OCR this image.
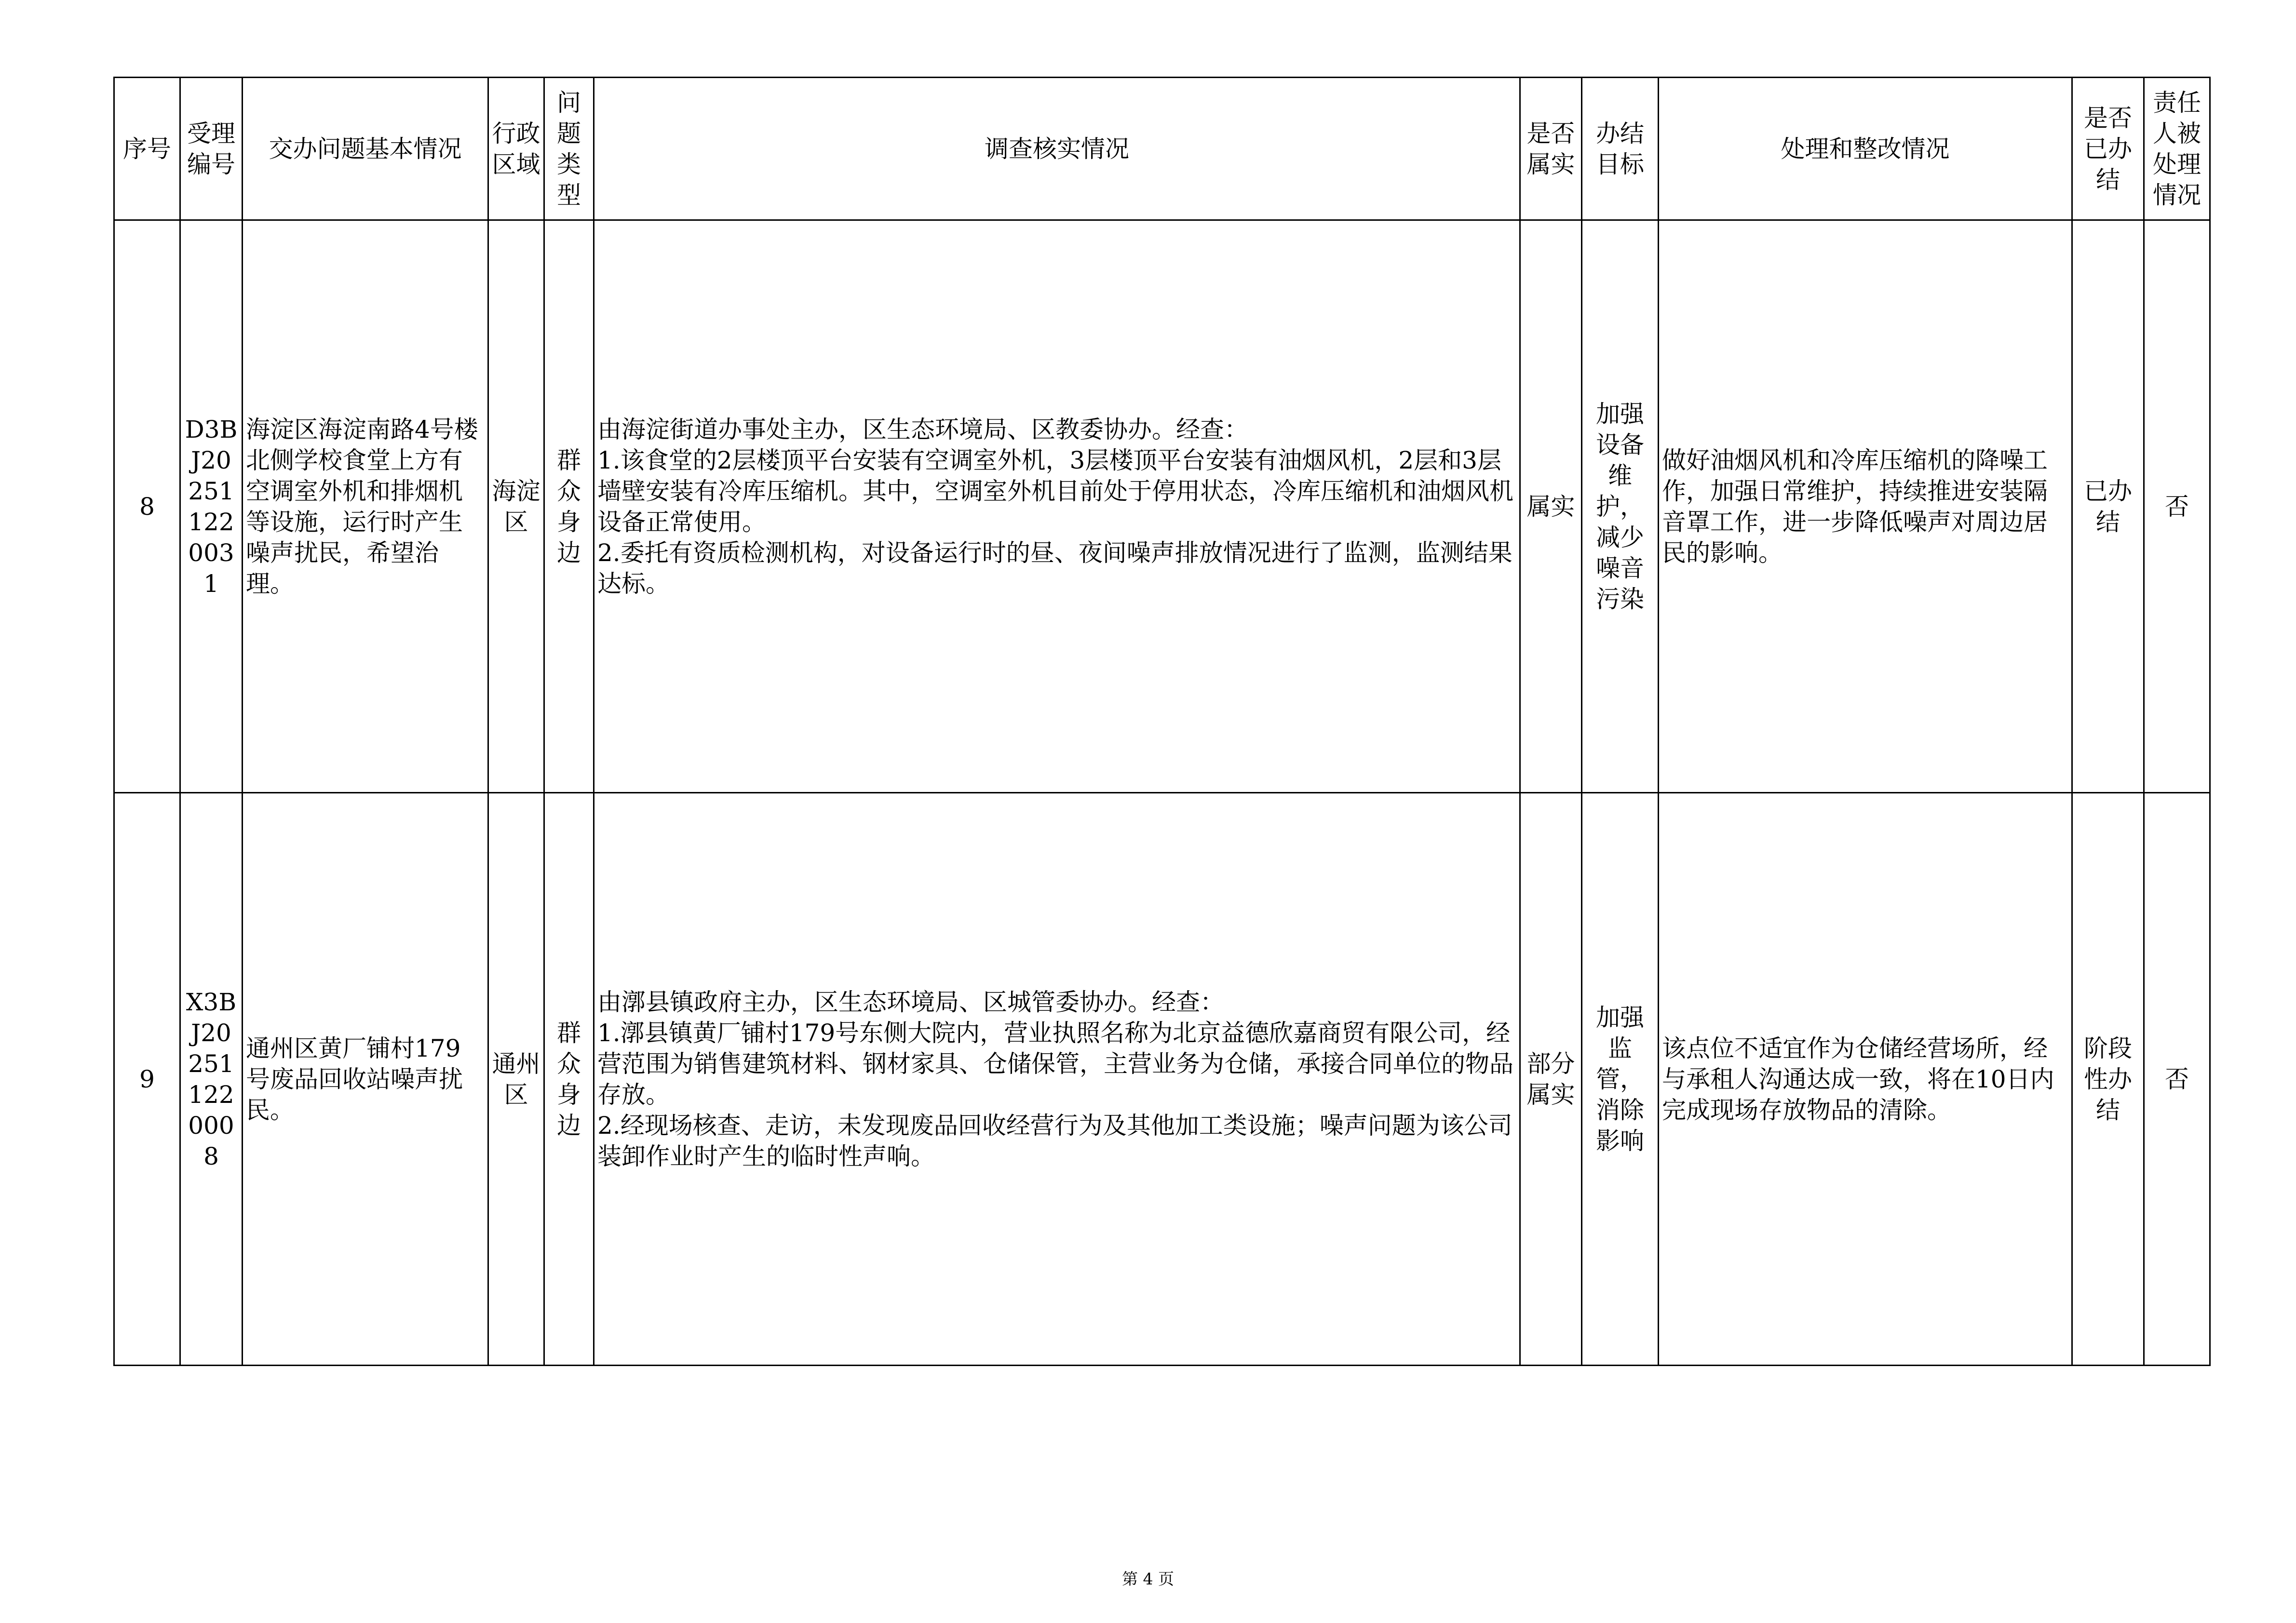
序号	受理编号	交办问题基本情况	行政区域	问题类型	调查核实情况	是否属实	办结目标	处理和整改情况	是否已办结	责任人被处理情况
8	D3BJ20251122 0031	海淀区海淀南路4号楼北侧学校食堂上方有空调室外机和排烟机等设施，运行时产生噪声扰民，希望治理。	海淀区	群众身边	由海淀街道办事处主办，区生态环境局、区教委协办。经查：
1.该食堂的2层楼顶平台安装有空调室外机，3层楼顶平台安装有油烟风机，2层和3层墙壁安装有冷库压缩机。其中，空调室外机目前处于停用状态，冷库压缩机和油烟风机设备正常使用。
2.委托有资质检测机构，对设备运行时的昼、夜间噪声排放情况进行了监测，监测结果达标。	属实	加强设备维护，减少噪音污染	做好油烟风机和冷库压缩机的降噪工作，加强日常维护，持续推进安装隔音罩工作，进一步降低噪声对周边居民的影响。	已办结	否
9	X3BJ20251122 0008	通州区黄厂铺村179号废品回收站噪声扰民。	通州区	群众身边	由漷县镇政府主办，区生态环境局、区城管委协办。经查：
1.漷县镇黄厂铺村179号东侧大院内，营业执照名称为北京益德欣嘉商贸有限公司，经营范围为销售建筑材料、钢材家具、仓储保管，主营业务为仓储，承接合同单位的物品存放。
2.经现场核查、走访，未发现废品回收经营行为及其他加工类设施；噪声问题为该公司装卸作业时产生的临时性声响。	部分属实	加强监管，消除影响	该点位不适宜作为仓储经营场所，经与承租人沟通达成一致，将在10日内完成现场存放物品的清除。	阶段性办结	否
第 4 页
